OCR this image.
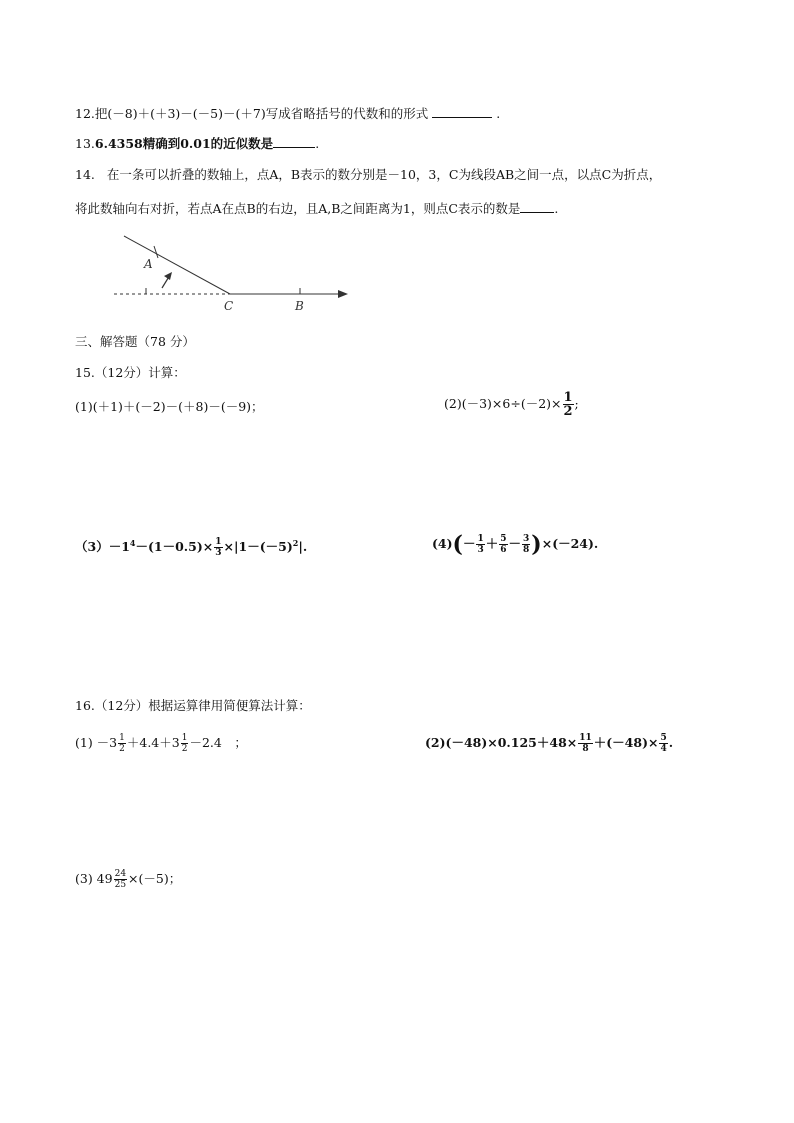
12.把(－8)＋(＋3)－(－5)－(＋7)写成省略括号的代数和的形式	.
13.6.4358精确到0.01的近似数是	.
14. 在一条可以折叠的数轴上，点A，B表示的数分别是－10，3，C为线段AB之间一点，以点C为折点，
将此数轴向右对折，若点A在点B的右边，且A,B之间距离为1，则点C表示的数是	.
A
C	B
三、解答题（78 分）
15.（12分）计算：
(1)(＋1)＋(－2)－(＋8)－(－9)；	$(2)(-3)\times 6\div(-2)\times \frac{1}{2}$ ;
$(3)-1^4-(1-0.5)\times \frac{1}{3} \times|1-(-5)^2|$.	$(4)(- \frac{1}{3} + \frac{5}{6} - \frac{3}{8} )\times(-24)$.
16.（12分）根据运算律用简便算法计算：
$(1) -3 \frac{1}{2} +4.4+3 \frac{1}{2} -2.4$　；	$(2)(-48)\times 0.125+48\times \frac{11}{8} +(-48)\times \frac{5}{4}$ .
(3) $49 \frac{24}{25} \times(-5)$；
